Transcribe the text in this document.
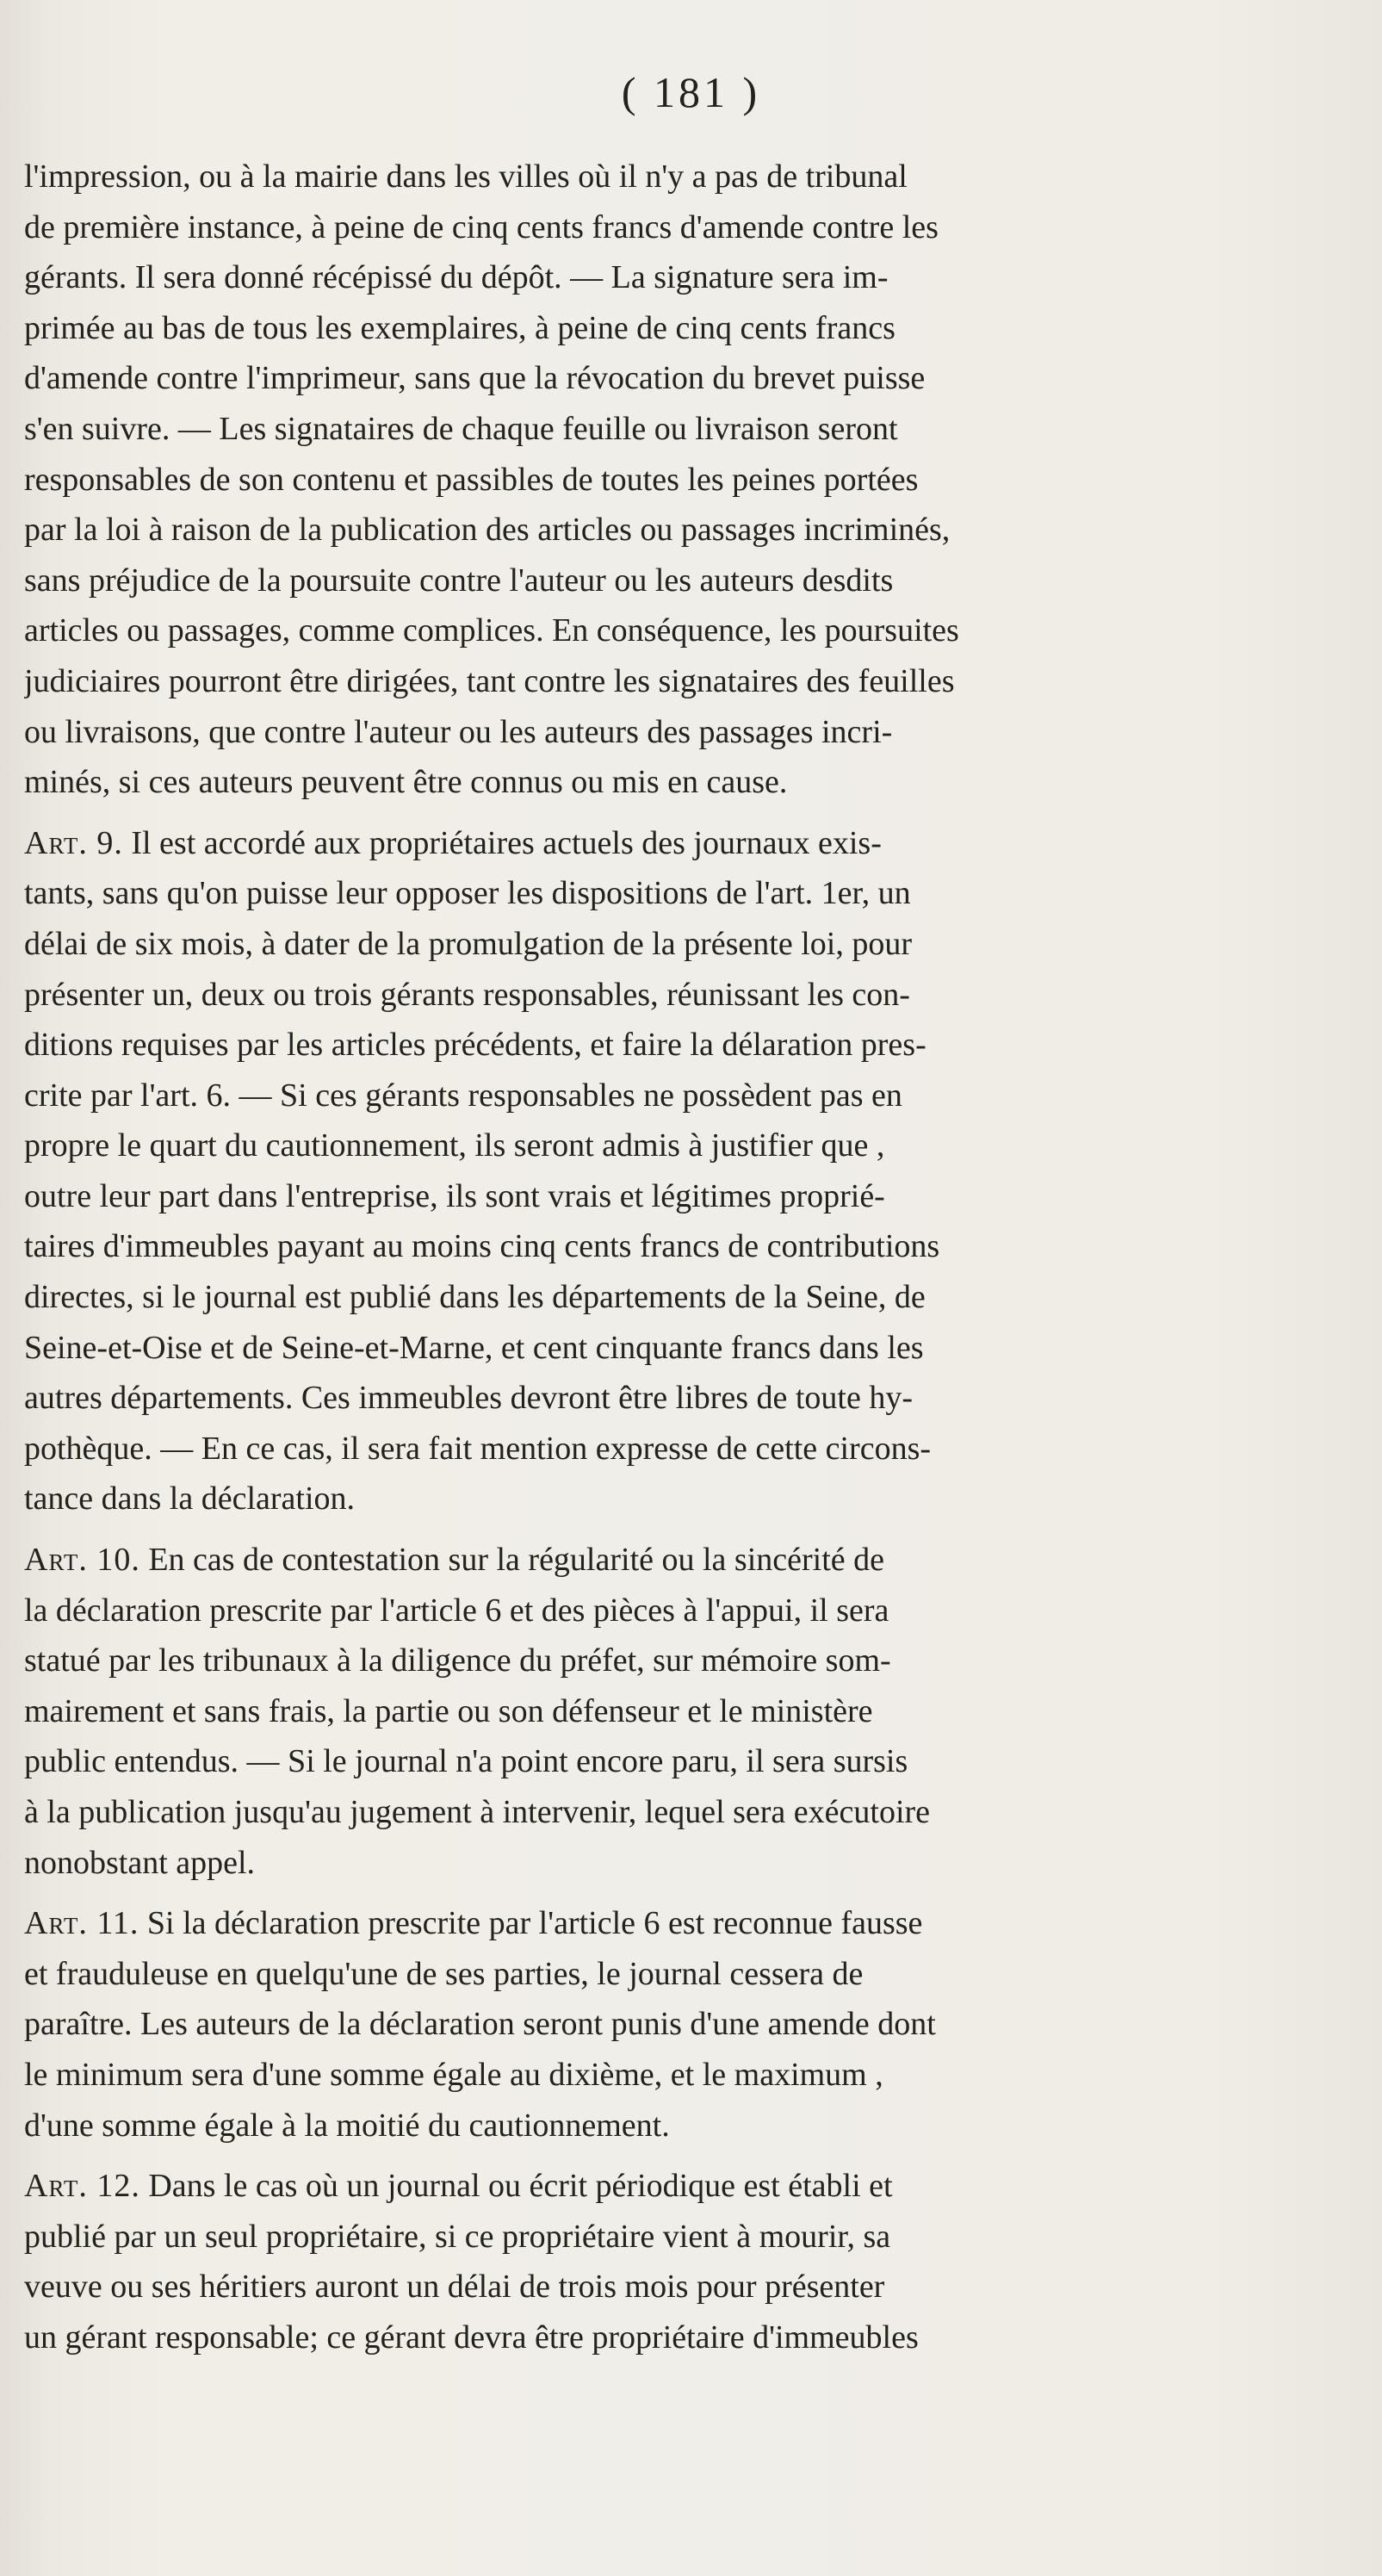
( 181 )

l'impression, ou à la mairie dans les villes où il n'y a pas de tribunal
de première instance, à peine de cinq cents francs d'amende contre les
gérants. Il sera donné récépissé du dépôt. — La signature sera im-
primée au bas de tous les exemplaires, à peine de cinq cents francs
d'amende contre l'imprimeur, sans que la révocation du brevet puisse
s'en suivre. — Les signataires de chaque feuille ou livraison seront
responsables de son contenu et passibles de toutes les peines portées
par la loi à raison de la publication des articles ou passages incriminés,
sans préjudice de la poursuite contre l'auteur ou les auteurs desdits
articles ou passages, comme complices. En conséquence, les poursuites
judiciaires pourront être dirigées, tant contre les signataires des feuilles
ou livraisons, que contre l'auteur ou les auteurs des passages incri-
minés, si ces auteurs peuvent être connus ou mis en cause.

Art. 9. Il est accordé aux propriétaires actuels des journaux exis-
tants, sans qu'on puisse leur opposer les dispositions de l'art. 1er, un
délai de six mois, à dater de la promulgation de la présente loi, pour
présenter un, deux ou trois gérants responsables, réunissant les con-
ditions requises par les articles précédents, et faire la délaration pres-
crite par l'art. 6. — Si ces gérants responsables ne possèdent pas en
propre le quart du cautionnement, ils seront admis à justifier que ,
outre leur part dans l'entreprise, ils sont vrais et légitimes proprié-
taires d'immeubles payant au moins cinq cents francs de contributions
directes, si le journal est publié dans les départements de la Seine, de
Seine-et-Oise et de Seine-et-Marne, et cent cinquante francs dans les
autres départements. Ces immeubles devront être libres de toute hy-
pothèque. — En ce cas, il sera fait mention expresse de cette circons-
tance dans la déclaration.

Art. 10. En cas de contestation sur la régularité ou la sincérité de
la déclaration prescrite par l'article 6 et des pièces à l'appui, il sera
statué par les tribunaux à la diligence du préfet, sur mémoire som-
mairement et sans frais, la partie ou son défenseur et le ministère
public entendus. — Si le journal n'a point encore paru, il sera sursis
à la publication jusqu'au jugement à intervenir, lequel sera exécutoire
nonobstant appel.

Art. 11. Si la déclaration prescrite par l'article 6 est reconnue fausse
et frauduleuse en quelqu'une de ses parties, le journal cessera de
paraître. Les auteurs de la déclaration seront punis d'une amende dont
le minimum sera d'une somme égale au dixième, et le maximum ,
d'une somme égale à la moitié du cautionnement.

Art. 12. Dans le cas où un journal ou écrit périodique est établi et
publié par un seul propriétaire, si ce propriétaire vient à mourir, sa
veuve ou ses héritiers auront un délai de trois mois pour présenter
un gérant responsable; ce gérant devra être propriétaire d'immeubles
